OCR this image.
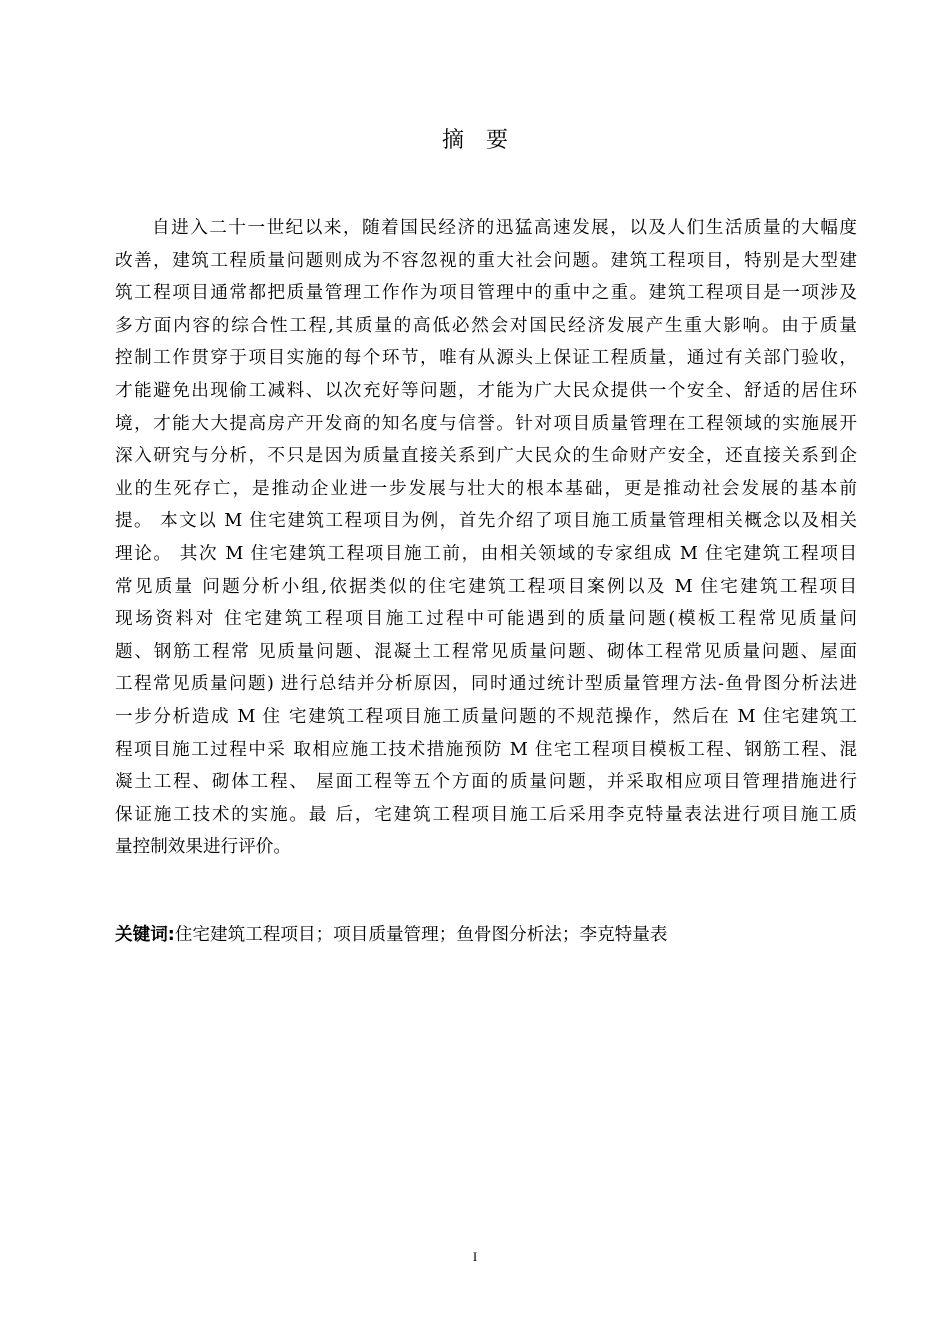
摘要

自进入二十一世纪以来，随着国民经济的迅猛高速发展，以及人们生活质量的大幅度
改善，建筑工程质量问题则成为不容忽视的重大社会问题。建筑工程项目，特别是大型建
筑工程项目通常都把质量管理工作作为项目管理中的重中之重。建筑工程项目是一项涉及
多方面内容的综合性工程,其质量的高低必然会对国民经济发展产生重大影响。由于质量
控制工作贯穿于项目实施的每个环节，唯有从源头上保证工程质量，通过有关部门验收，
才能避免出现偷工减料、以次充好等问题，才能为广大民众提供一个安全、舒适的居住环
境，才能大大提高房产开发商的知名度与信誉。针对项目质量管理在工程领域的实施展开
深入研究与分析，不只是因为质量直接关系到广大民众的生命财产安全，还直接关系到企
业的生死存亡，是推动企业进一步发展与壮大的根本基础，更是推动社会发展的基本前
提。 本文以 M 住宅建筑工程项目为例，首先介绍了项目施工质量管理相关概念以及相关
理论。 其次 M 住宅建筑工程项目施工前，由相关领域的专家组成 M 住宅建筑工程项目
常见质量 问题分析小组,依据类似的住宅建筑工程项目案例以及 M 住宅建筑工程项目
现场资料对 住宅建筑工程项目施工过程中可能遇到的质量问题(模板工程常见质量问
题、钢筋工程常 见质量问题、混凝土工程常见质量问题、砌体工程常见质量问题、屋面
工程常见质量问题) 进行总结并分析原因，同时通过统计型质量管理方法-鱼骨图分析法进
一步分析造成 M 住 宅建筑工程项目施工质量问题的不规范操作，然后在 M 住宅建筑工
程项目施工过程中采 取相应施工技术措施预防 M 住宅工程项目模板工程、钢筋工程、混
凝土工程、砌体工程、 屋面工程等五个方面的质量问题，并采取相应项目管理措施进行
保证施工技术的实施。最 后，宅建筑工程项目施工后采用李克特量表法进行项目施工质
量控制效果进行评价。

关键词:住宅建筑工程项目；项目质量管理；鱼骨图分析法；李克特量表
I
